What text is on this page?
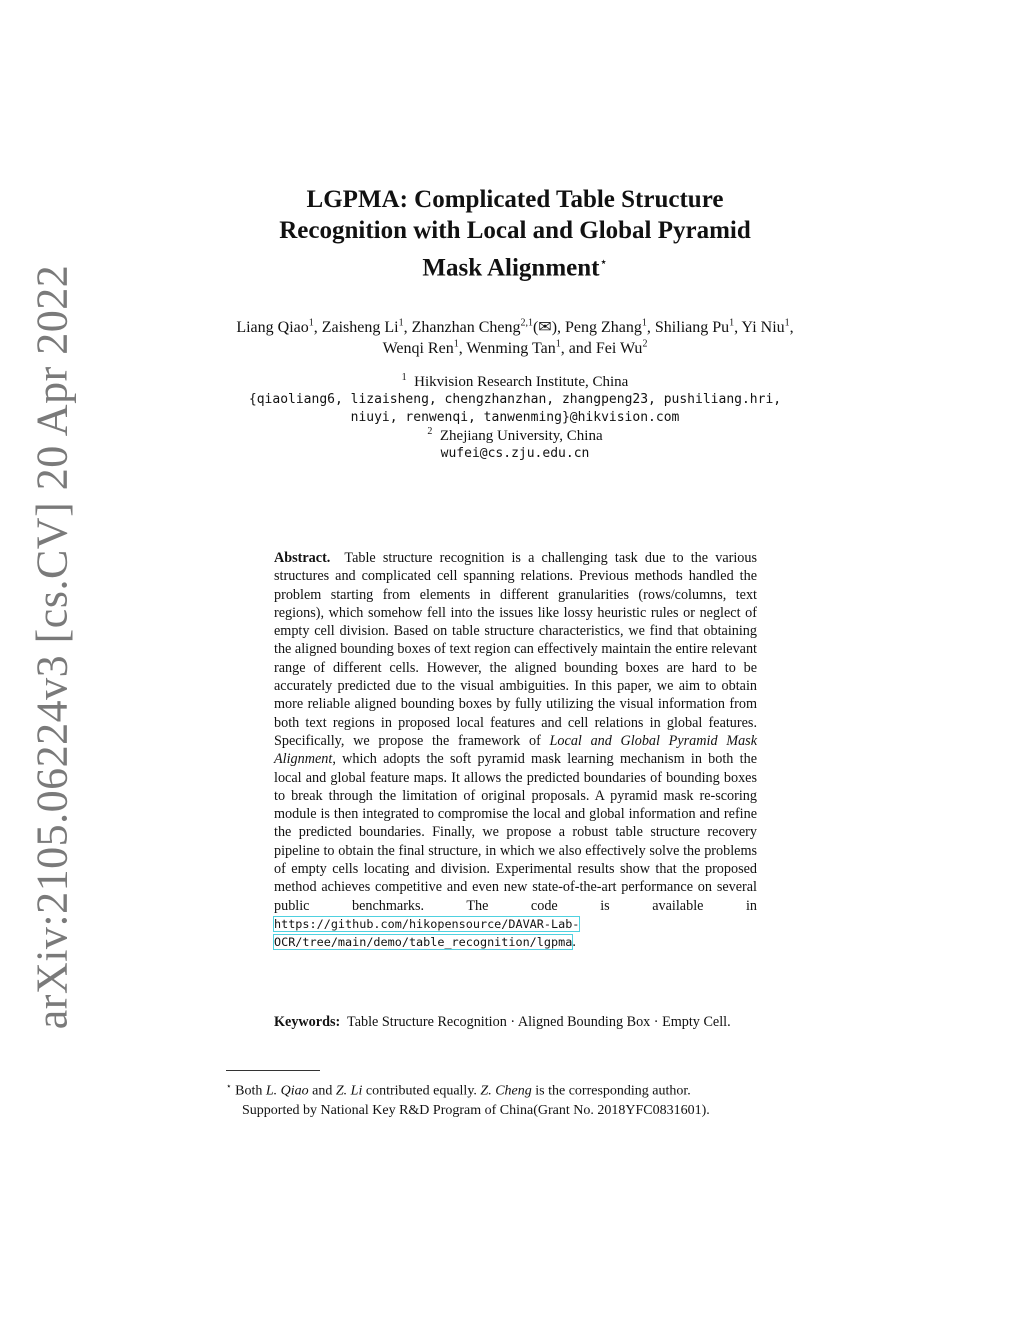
arXiv:2105.06224v3 [cs.CV] 20 Apr 2022
LGPMA: Complicated Table Structure
Recognition with Local and Global Pyramid
Mask Alignment⋆
Liang Qiao$^1$, Zaisheng Li$^1$, Zhanzhan Cheng$^{2,1}$(✉), Peng Zhang$^1$, Shiliang Pu$^1$, Yi Niu$^1$, Wenqi Ren$^1$, Wenming Tan$^1$, and Fei Wu$^2$
$^1$ Hikvision Research Institute, China
{qiaoliang6, lizaisheng, chengzhanzhan, zhangpeng23, pushiliang.hri,
niuyi, renwenqi, tanwenming}@hikvision.com
$^2$ Zhejiang University, China
wufei@cs.zju.edu.cn
Abstract. Table structure recognition is a challenging task due to the various structures and complicated cell spanning relations. Previous methods handled the problem starting from elements in different granularities (rows/columns, text regions), which somehow fell into the issues like lossy heuristic rules or neglect of empty cell division. Based on table structure characteristics, we find that obtaining the aligned bounding boxes of text region can effectively maintain the entire relevant range of different cells. However, the aligned bounding boxes are hard to be accurately predicted due to the visual ambiguities. In this paper, we aim to obtain more reliable aligned bounding boxes by fully utilizing the visual information from both text regions in proposed local features and cell relations in global features. Specifically, we propose the framework of Local and Global Pyramid Mask Alignment, which adopts the soft pyramid mask learning mechanism in both the local and global feature maps. It allows the predicted boundaries of bounding boxes to break through the limitation of original proposals. A pyramid mask re-scoring module is then integrated to compromise the local and global information and refine the predicted boundaries. Finally, we propose a robust table structure recovery pipeline to obtain the final structure, in which we also effectively solve the problems of empty cells locating and division. Experimental results show that the proposed method achieves competitive and even new state-of-the-art performance on several public benchmarks. The code is available in https://github.com/hikopensource/DAVAR-Lab-OCR/tree/main/demo/table_recognition/lgpma.
Keywords: Table Structure Recognition · Aligned Bounding Box · Empty Cell.
⋆ Both L. Qiao and Z. Li contributed equally. Z. Cheng is the corresponding author.
Supported by National Key R&D Program of China(Grant No. 2018YFC0831601).
